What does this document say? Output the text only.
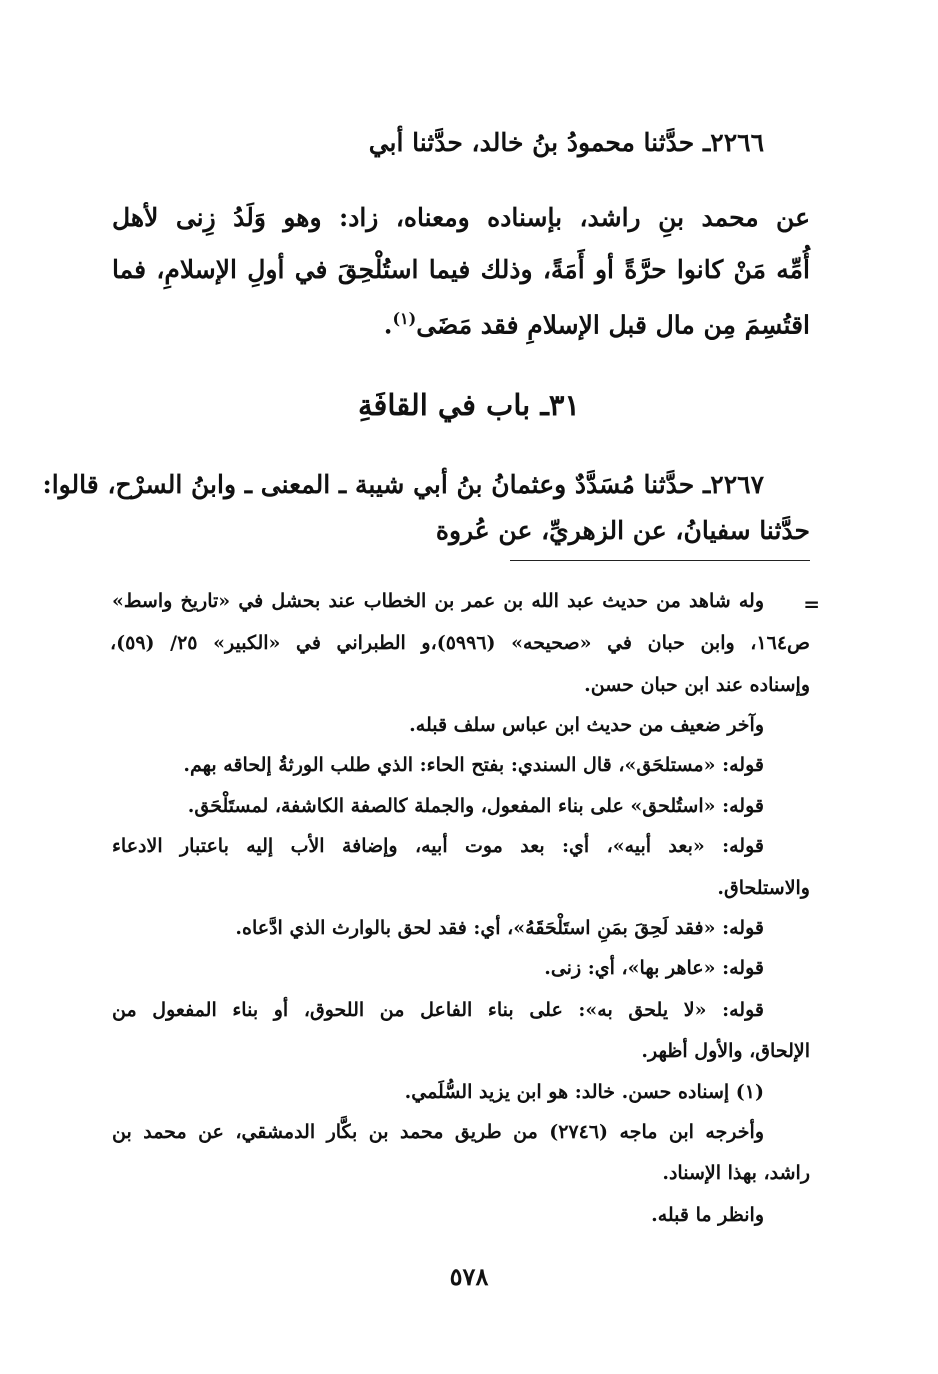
٢٢٦٦ـ حدَّثنا محمودُ بنُ خالد، حدَّثنا أبي
عن محمد بنِ راشد، بإسناده ومعناه، زاد: وهو وَلَدُ زِنى لأهل
أُمِّه مَنْ كانوا حرَّةً أو أَمَةً، وذلك فيما استُلْحِقَ في أولِ الإسلامِ، فما
اقتُسِمَ مِن مال قبل الإسلامِ فقد مَضَى$^{(١)}$.
٣١ـ باب في القافَةِ
٢٢٦٧ـ حدَّثنا مُسَدَّدٌ وعثمانُ بنُ أبي شيبة ـ المعنى ـ وابنُ السرْح، قالوا:
حدَّثنا سفيانُ، عن الزهريِّ، عن عُروة
=
وله شاهد من حديث عبد الله بن عمر بن الخطاب عند بحشل في «تاريخ واسط»
ص١٦٤، وابن حبان في «صحيحه» (٥٩٩٦)،و الطبراني في «الكبير» ٢٥/ (٥٩)،
وإسناده عند ابن حبان حسن.
وآخر ضعيف من حديث ابن عباس سلف قبله.
قوله: «مستلحَق»، قال السندي: بفتح الحاء: الذي طلب الورثةُ إلحاقه بهم.
قوله: «استُلحق» على بناء المفعول، والجملة كالصفة الكاشفة، لمستَلْحَق.
قوله: «بعد أبيه»، أي: بعد موت أبيه، وإضافة الأب إليه باعتبار الادعاء
والاستلحاق.
قوله: «فقد لَحِقَ بمَنِ استَلْحَقَهُ»، أي: فقد لحق بالوارث الذي ادَّعاه.
قوله: «عاهر بها»، أي: زنى.
قوله: «لا يلحق به»: على بناء الفاعل من اللحوق، أو بناء المفعول من
الإلحاق، والأول أظهر.
(١) إسناده حسن. خالد: هو ابن يزيد السُّلَمي.
وأخرجه ابن ماجه (٢٧٤٦) من طريق محمد بن بكَّار الدمشقي، عن محمد بن
راشد، بهذا الإسناد.
وانظر ما قبله.
٥٧٨
